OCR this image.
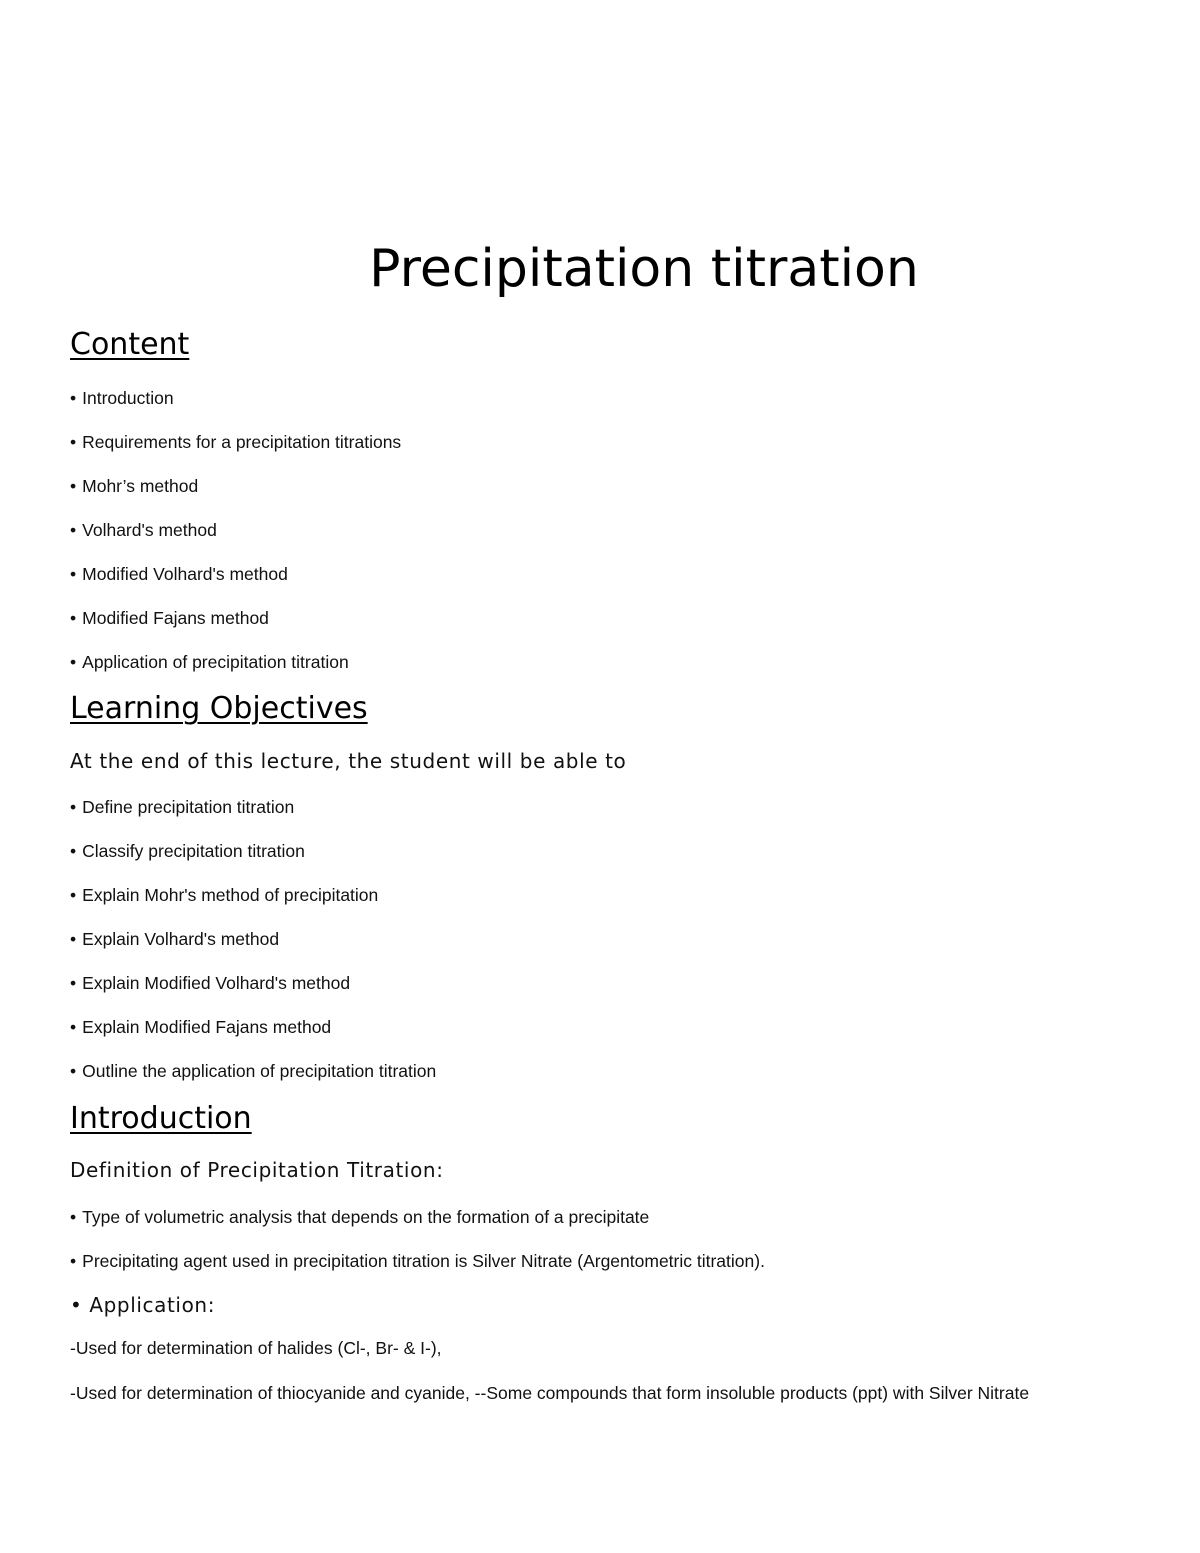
Precipitation titration
Content
• Introduction
• Requirements for a precipitation titrations
• Mohr’s method
• Volhard's method
• Modified Volhard's method
• Modified Fajans method
• Application of precipitation titration
Learning Objectives

At the end of this lecture, the student will be able to

• Define precipitation titration
• Classify precipitation titration
• Explain Mohr's method of precipitation
• Explain Volhard's method
• Explain Modified Volhard's method
• Explain Modified Fajans method
• Outline the application of precipitation titration
Introduction

Definition of Precipitation Titration:

• Type of volumetric analysis that depends on the formation of a precipitate
• Precipitating agent used in precipitation titration is Silver Nitrate (Argentometric titration).

• Application:

-Used for determination of halides (Cl-, Br- & I-),

-Used for determination of thiocyanide and cyanide, --Some compounds that form insoluble products (ppt) with Silver Nitrate
